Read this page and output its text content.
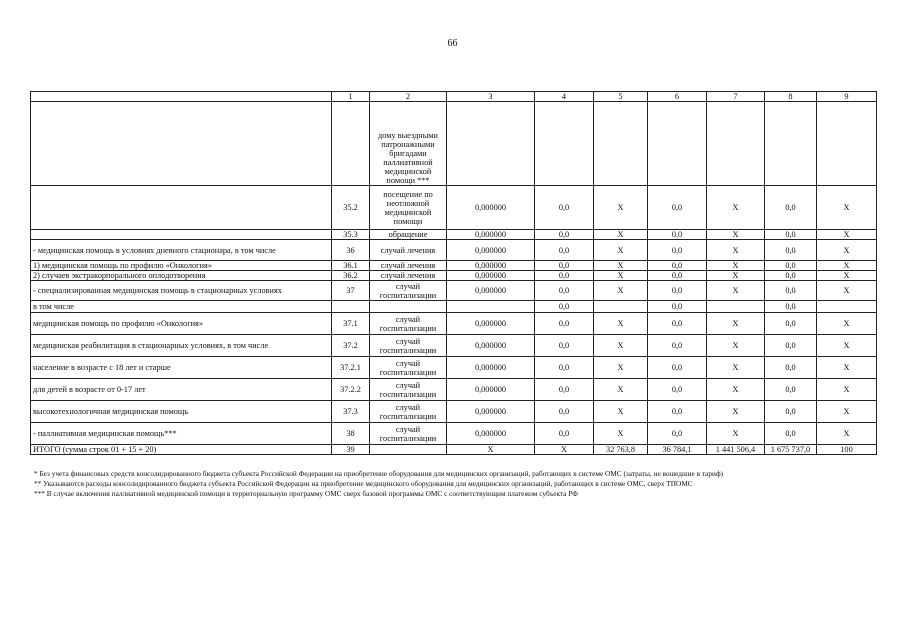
66
	1	2	3	4	5	6	7	8	9
		дому выездными патронажными бригадами паллиативной медицинской помощи ***							
	35.2	посещение по неотложной медицинской помощи	0,000000	0,0	X	0,0	X	0,0	X
	35.3	обращение	0,000000	0,0	X	0,0	X	0,0	X
- медицинская помощь в условиях дневного стационара, в том числе	36	случай лечения	0,000000	0,0	X	0,0	X	0,0	X
1) медицинская помощь по профилю «Онкология»	36.1	случай лечения	0,000000	0,0	X	0,0	X	0,0	X
2) случаев экстракорпорального оплодотворения	36.2	случай лечения	0,000000	0,0	X	0,0	X	0,0	X
- специализированная медицинская помощь в стационарных условиях	37	случай госпитализации	0,000000	0,0	X	0,0	X	0,0	X
в том числе				0,0		0,0		0,0	
медицинская помощь по профилю «Онкология»	37.1	случай госпитализации	0,000000	0,0	X	0,0	X	0,0	X
медицинская реабилитация в стационарных условиях, в том числе	37.2	случай госпитализации	0,000000	0,0	X	0,0	X	0,0	X
население в возрасте с 18 лет и старше	37.2.1	случай госпитализации	0,000000	0,0	X	0,0	X	0,0	X
для детей в возрасте от 0-17 лет	37.2.2	случай госпитализации	0,000000	0,0	X	0,0	X	0,0	X
высокотехнологичная медицинская помощь	37.3	случай госпитализации	0,000000	0,0	X	0,0	X	0,0	X
- паллиативная медицинская помощь***	38	случай госпитализации	0,000000	0,0	X	0,0	X	0,0	X
ИТОГО (сумма строк 01 + 15 + 20)	39		X	X	32 763,8	36 784,1	1 441 506,4	1 675 737,0	100
* Без учета финансовых средств консолидированного бюджета субъекта Российской Федерации на приобретение оборудования для медицинских организаций, работающих в системе ОМС (затраты, не вошедшие в тариф)
** Указываются расходы консолидированного бюджета субъекта Российской Федерации на приобретение медицинского оборудования для медицинских организаций, работающих в системе ОМС, сверх ТПОМС
*** В случае включения паллиативной медицинской помощи в территориальную программу ОМС сверх базовой программы ОМС с соответствующим платежом субъекта РФ
